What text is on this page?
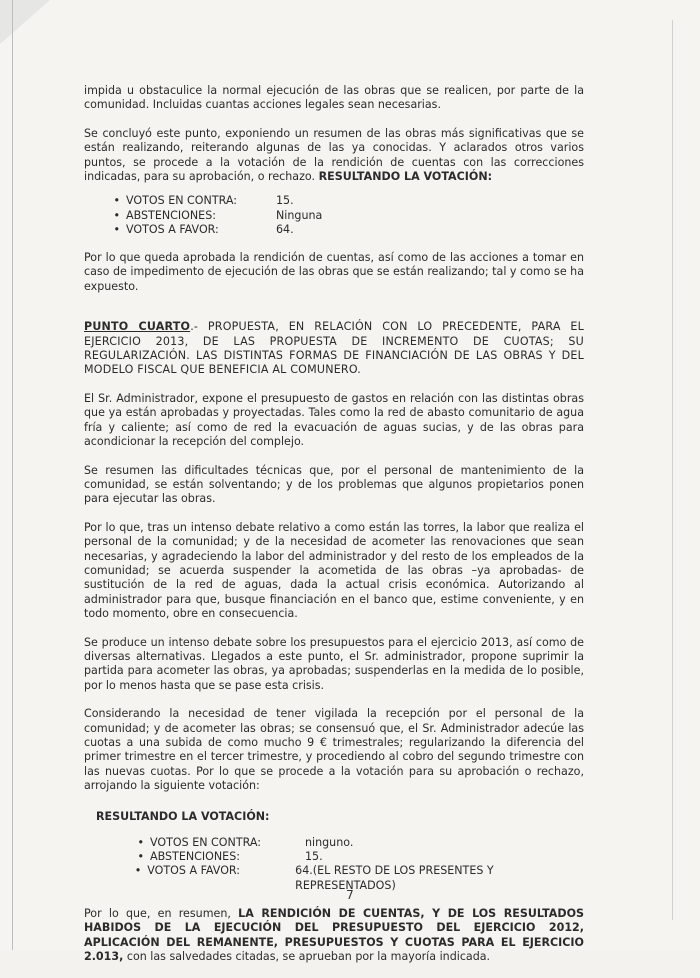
impida u obstaculice la normal ejecución de las obras que se realicen, por parte de la comunidad. Incluidas cuantas acciones legales sean necesarias.

Se concluyó este punto, exponiendo un resumen de las obras más significativas que se están realizando, reiterando algunas de las ya conocidas. Y aclarados otros varios puntos, se procede a la votación de la rendición de cuentas con las correcciones indicadas, para su aprobación, o rechazo. RESULTANDO LA VOTACIÓN:

• VOTOS EN CONTRA:	15.
• ABSTENCIONES:	Ninguna
• VOTOS A FAVOR:	64.

Por lo que queda aprobada la rendición de cuentas, así como de las acciones a tomar en caso de impedimento de ejecución de las obras que se están realizando; tal y como se ha expuesto.

PUNTO CUARTO.- PROPUESTA, EN RELACIÓN CON LO PRECEDENTE, PARA EL EJERCICIO 2013, DE LAS PROPUESTA DE INCREMENTO DE CUOTAS; SU REGULARIZACIÓN. LAS DISTINTAS FORMAS DE FINANCIACIÓN DE LAS OBRAS Y DEL MODELO FISCAL QUE BENEFICIA AL COMUNERO.

El Sr. Administrador, expone el presupuesto de gastos en relación con las distintas obras que ya están aprobadas y proyectadas. Tales como la red de abasto comunitario de agua fría y caliente; así como de red la evacuación de aguas sucias, y de las obras para acondicionar la recepción del complejo.

Se resumen las dificultades técnicas que, por el personal de mantenimiento de la comunidad, se están solventando; y de los problemas que algunos propietarios ponen para ejecutar las obras.

Por lo que, tras un intenso debate relativo a como están las torres, la labor que realiza el personal de la comunidad; y de la necesidad de acometer las renovaciones que sean necesarias, y agradeciendo la labor del administrador y del resto de los empleados de la comunidad; se acuerda suspender la acometida de las obras –ya aprobadas- de sustitución de la red de aguas, dada la actual crisis económica. Autorizando al administrador para que, busque financiación en el banco que, estime conveniente, y en todo momento, obre en consecuencia.

Se produce un intenso debate sobre los presupuestos para el ejercicio 2013, así como de diversas alternativas. Llegados a este punto, el Sr. administrador, propone suprimir la partida para acometer las obras, ya aprobadas; suspenderlas en la medida de lo posible, por lo menos hasta que se pase esta crisis.

Considerando la necesidad de tener vigilada la recepción por el personal de la comunidad; y de acometer las obras; se consensuó que, el Sr. Administrador adecúe las cuotas a una subida de como mucho 9 € trimestrales; regularizando la diferencia del primer trimestre en el tercer trimestre, y procediendo al cobro del segundo trimestre con las nuevas cuotas. Por lo que se procede a la votación para su aprobación o rechazo, arrojando la siguiente votación:

RESULTANDO LA VOTACIÓN:
• VOTOS EN CONTRA:	ninguno.
• ABSTENCIONES:	15.
• VOTOS A FAVOR:	64.(EL RESTO DE LOS PRESENTES Y REPRESENTADOS)

Por lo que, en resumen, LA RENDICIÓN DE CUENTAS, Y DE LOS RESULTADOS HABIDOS DE LA EJECUCIÓN DEL PRESUPUESTO DEL EJERCICIO 2012, APLICACIÓN DEL REMANENTE, PRESUPUESTOS Y CUOTAS PARA EL EJERCICIO 2.013, con las salvedades citadas, se aprueban por la mayoría indicada.

7
